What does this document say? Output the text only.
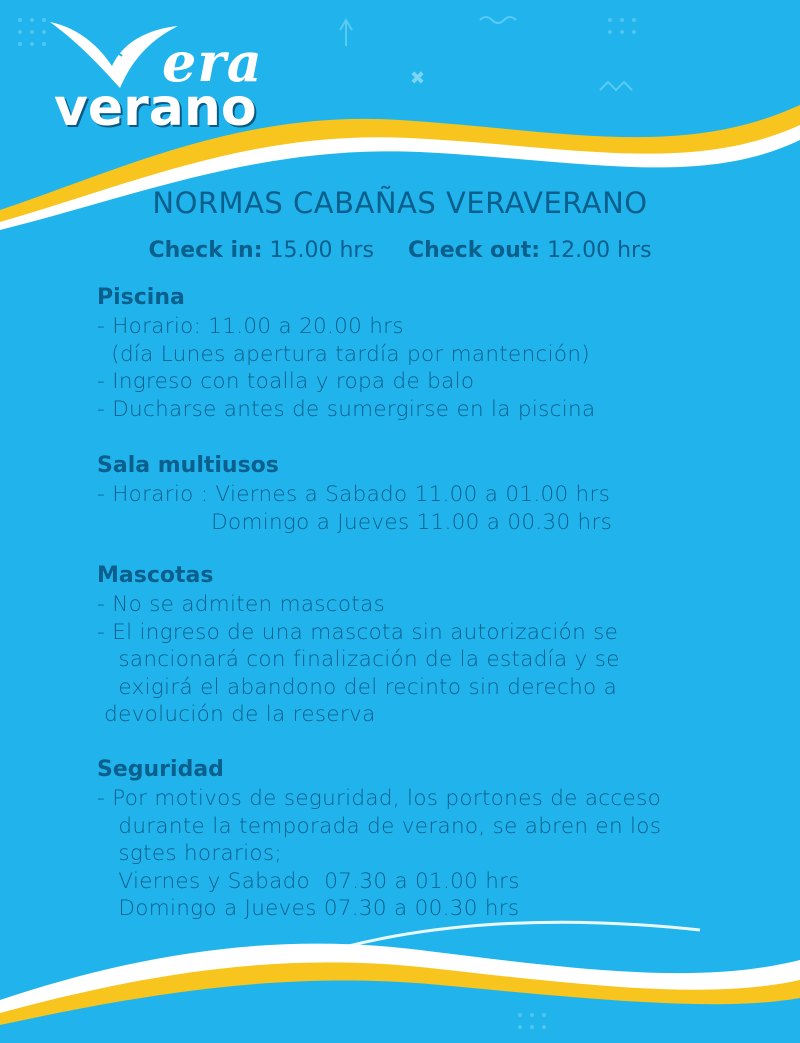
✖
era
verano
NORMAS CABAÑAS VERAVERANO
Check in: 15.00 hrs Check out: 12.00 hrs

Piscina

- Horario: 11.00 a 20.00 hrs

(día Lunes apertura tardía por mantención)

- Ingreso con toalla y ropa de balo

- Ducharse antes de sumergirse en la piscina

Sala multiusos

- Horario : Viernes a Sabado 11.00 a 01.00 hrs

Domingo a Jueves 11.00 a 00.30 hrs

Mascotas

- No se admiten mascotas

- El ingreso de una mascota sin autorización se

sancionará con finalización de la estadía y se

exigirá el abandono del recinto sin derecho a

devolución de la reserva

Seguridad

- Por motivos de seguridad, los portones de acceso

durante la temporada de verano, se abren en los

sgtes horarios;

Viernes y Sabado  07.30 a 01.00 hrs

Domingo a Jueves 07.30 a 00.30 hrs
